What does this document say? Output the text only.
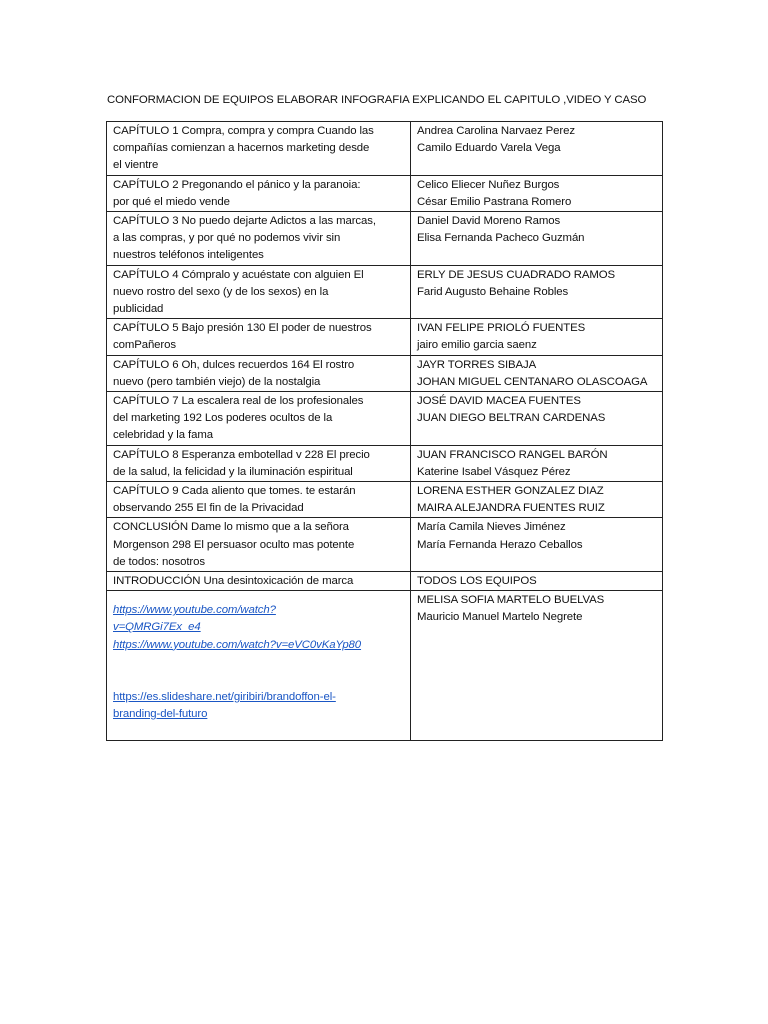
CONFORMACION DE EQUIPOS ELABORAR INFOGRAFIA EXPLICANDO EL CAPITULO ,VIDEO Y CASO
CAPÍTULO 1 Compra, compra y compra Cuando las
compañías comienzan a hacernos marketing desde
el vientre	Andrea Carolina Narvaez Perez
Camilo Eduardo Varela Vega

CAPÍTULO 2 Pregonando el pánico y la paranoia:
por qué el miedo vende	Celico Eliecer Nuñez Burgos
César Emilio Pastrana Romero

CAPÍTULO 3 No puedo dejarte Adictos a las marcas,
a las compras, y por qué no podemos vivir sin
nuestros teléfonos inteligentes	Daniel David Moreno Ramos
Elisa Fernanda Pacheco Guzmán

CAPÍTULO 4 Cómpralo y acuéstate con alguien El
nuevo rostro del sexo (y de los sexos) en la
publicidad	ERLY DE JESUS CUADRADO RAMOS
Farid Augusto Behaine Robles

CAPÍTULO 5 Bajo presión 130 El poder de nuestros
comPañeros	IVAN FELIPE PRIOLÓ FUENTES
jairo emilio garcia saenz

CAPÍTULO 6 Oh, dulces recuerdos 164 El rostro
nuevo (pero también viejo) de la nostalgia	JAYR TORRES SIBAJA
JOHAN MIGUEL CENTANARO OLASCOAGA

CAPÍTULO 7 La escalera real de los profesionales
del marketing 192 Los poderes ocultos de la
celebridad y la fama	JOSÉ DAVID MACEA FUENTES
JUAN DIEGO BELTRAN CARDENAS

CAPÍTULO 8 Esperanza embotellad v 228 El precio
de la salud, la felicidad y la iluminación espiritual	JUAN FRANCISCO RANGEL BARÓN
Katerine Isabel Vásquez Pérez

CAPÍTULO 9 Cada aliento que tomes. te estarán
observando 255 El fin de la Privacidad	LORENA ESTHER GONZALEZ DIAZ
MAIRA ALEJANDRA FUENTES RUIZ

CONCLUSIÓN Dame lo mismo que a la señora
Morgenson 298 El persuasor oculto mas potente
de todos: nosotros	María Camila Nieves Jiménez
María Fernanda Herazo Ceballos

INTRODUCCIÓN Una desintoxicación de marca	TODOS LOS EQUIPOS

https://www.youtube.com/watch?
v=QMRGi7Ex_e4
https://www.youtube.com/watch?v=eVC0vKaYp80
https://es.slideshare.net/giribiri/brandoffon-el-
branding-del-futuro	MELISA SOFIA MARTELO BUELVAS
Mauricio Manuel Martelo Negrete
